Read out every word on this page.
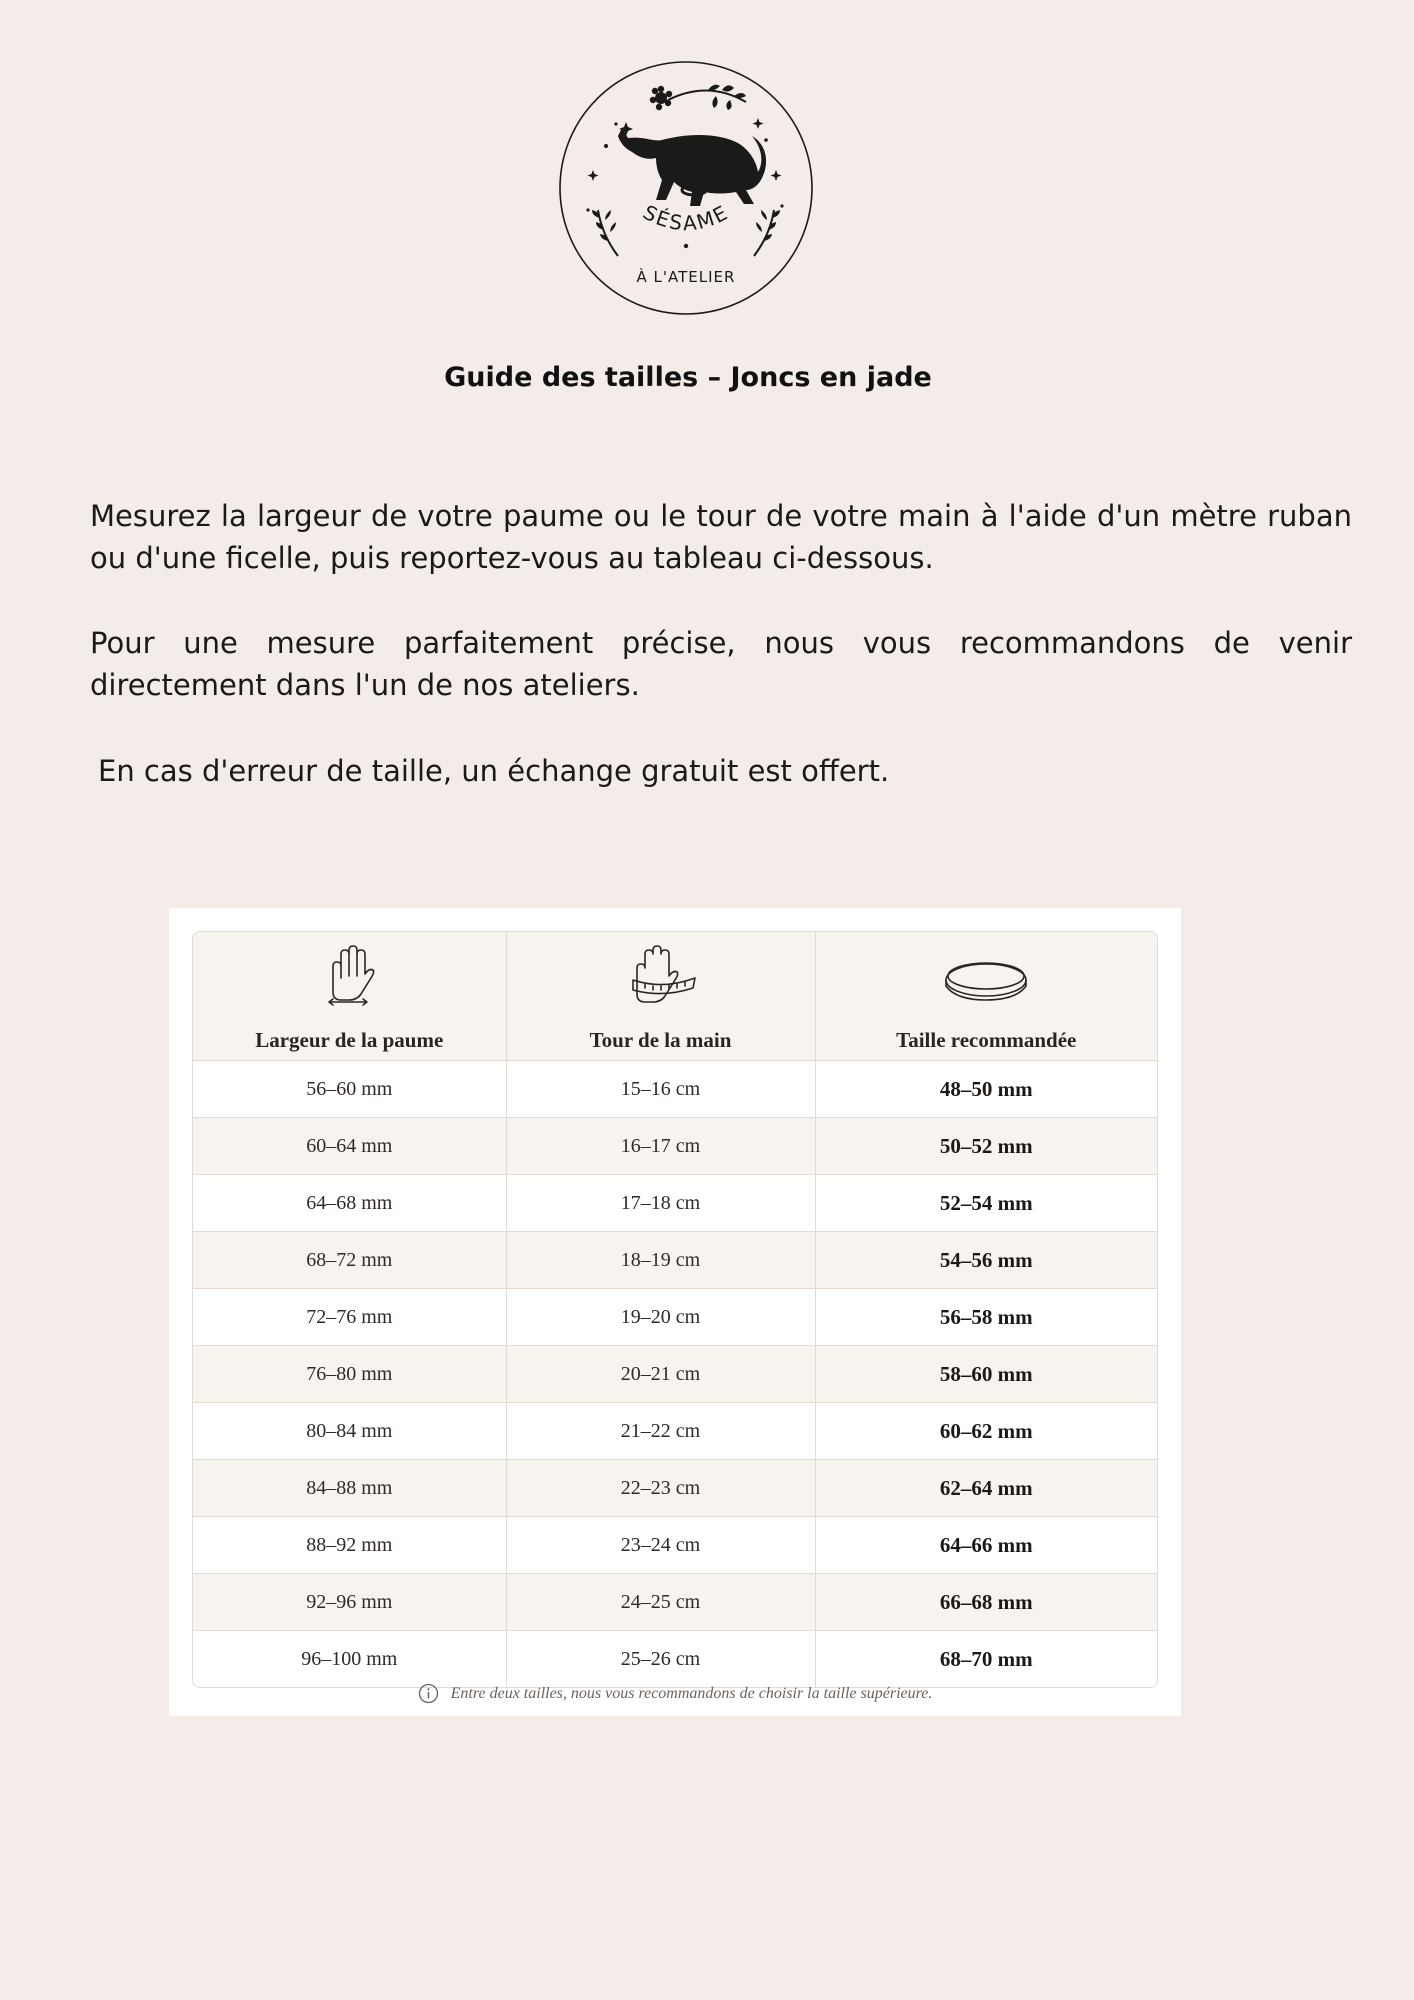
SÉSAME
À L'ATELIER
Guide des tailles – Joncs en jade

Mesurez la largeur de votre paume ou le tour de votre main à l'aide d'un mètre ruban ou d'une ficelle, puis reportez-vous au tableau ci-dessous.

Pour une mesure parfaitement précise, nous vous recommandons de venir directement dans l'un de nos ateliers.

En cas d'erreur de taille, un échange gratuit est offert.

Largeur de la paume	Tour de la main	Taille recommandée

56–60 mm	15–16 cm	48–50 mm
60–64 mm	16–17 cm	50–52 mm
64–68 mm	17–18 cm	52–54 mm
68–72 mm	18–19 cm	54–56 mm
72–76 mm	19–20 cm	56–58 mm
76–80 mm	20–21 cm	58–60 mm
80–84 mm	21–22 cm	60–62 mm
84–88 mm	22–23 cm	62–64 mm
88–92 mm	23–24 cm	64–66 mm
92–96 mm	24–25 cm	66–68 mm
96–100 mm	25–26 cm	68–70 mm
Entre deux tailles, nous vous recommandons de choisir la taille supérieure.
